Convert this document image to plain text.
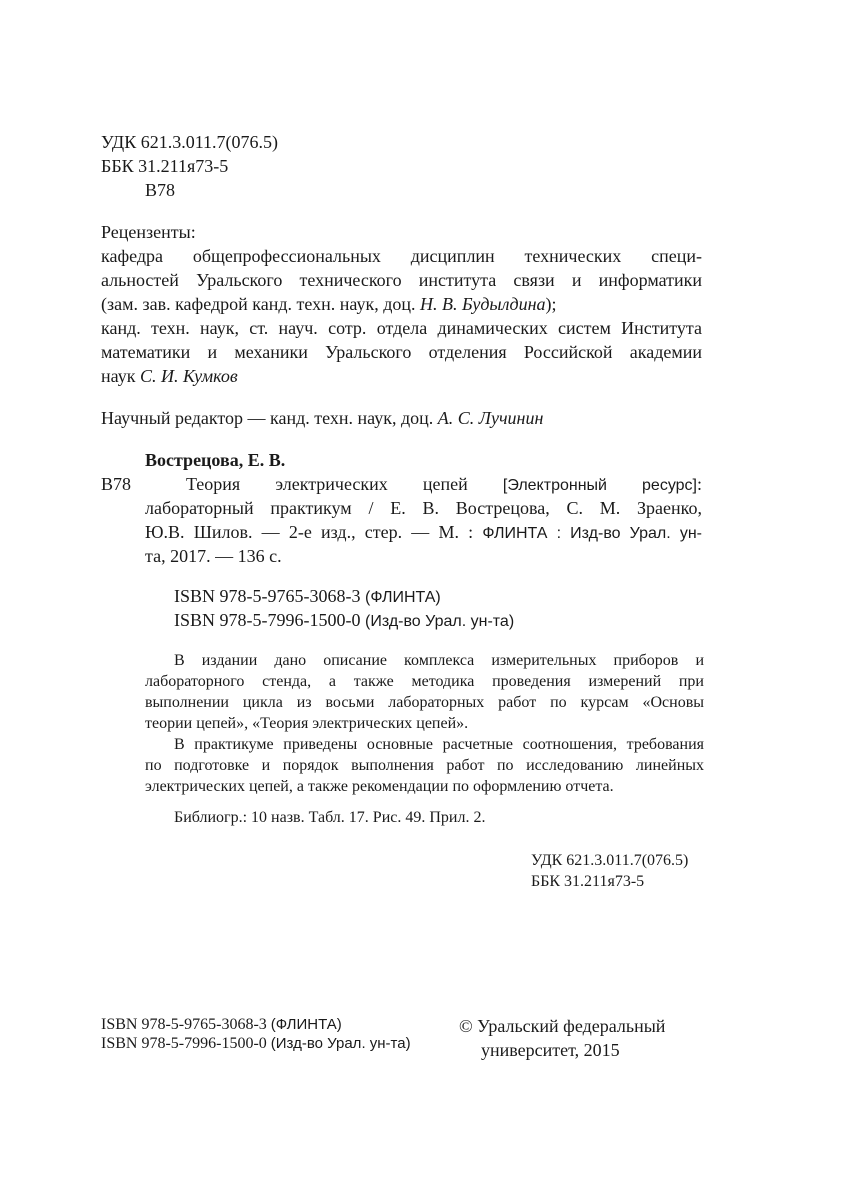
УДК 621.3.011.7(076.5)
ББК 31.211я73-5
В78
Рецензенты:
кафедра общепрофессиональных дисциплин технических специ-
альностей Уральского технического института связи и информатики
(зам. зав. кафедрой канд. техн. наук, доц. Н. В. Будылдина);
канд. техн. наук, ст. науч. сотр. отдела динамических систем Института
математики и механики Уральского отделения Российской академии
наук С. И. Кумков
Научный редактор — канд. техн. наук, доц. А. С. Лучинин
Вострецова, Е. В.
В78	Теория электрических цепей [Электронный ресурс]:
лабораторный практикум / Е. В. Вострецова, С. М. Зраенко,
Ю.В. Шилов. — 2-е изд., стер. — М. : ФЛИНТА : Изд-во Урал. ун-
та, 2017. — 136 с.
ISBN 978-5-9765-3068-3 (ФЛИНТА)
ISBN 978-5-7996-1500-0 (Изд-во Урал. ун-та)
В издании дано описание комплекса измерительных приборов и
лабораторного стенда, а также методика проведения измерений при
выполнении цикла из восьми лабораторных работ по курсам «Основы
теории цепей», «Теория электрических цепей».
В практикуме приведены основные расчетные соотношения, требования
по подготовке и порядок выполнения работ по исследованию линейных
электрических цепей, а также рекомендации по оформлению отчета.
Библиогр.: 10 назв. Табл. 17. Рис. 49. Прил. 2.
УДК 621.3.011.7(076.5)
ББК 31.211я73-5
ISBN 978-5-9765-3068-3 (ФЛИНТА)
ISBN 978-5-7996-1500-0 (Изд-во Урал. ун-та)
© Уральский федеральный
университет, 2015
